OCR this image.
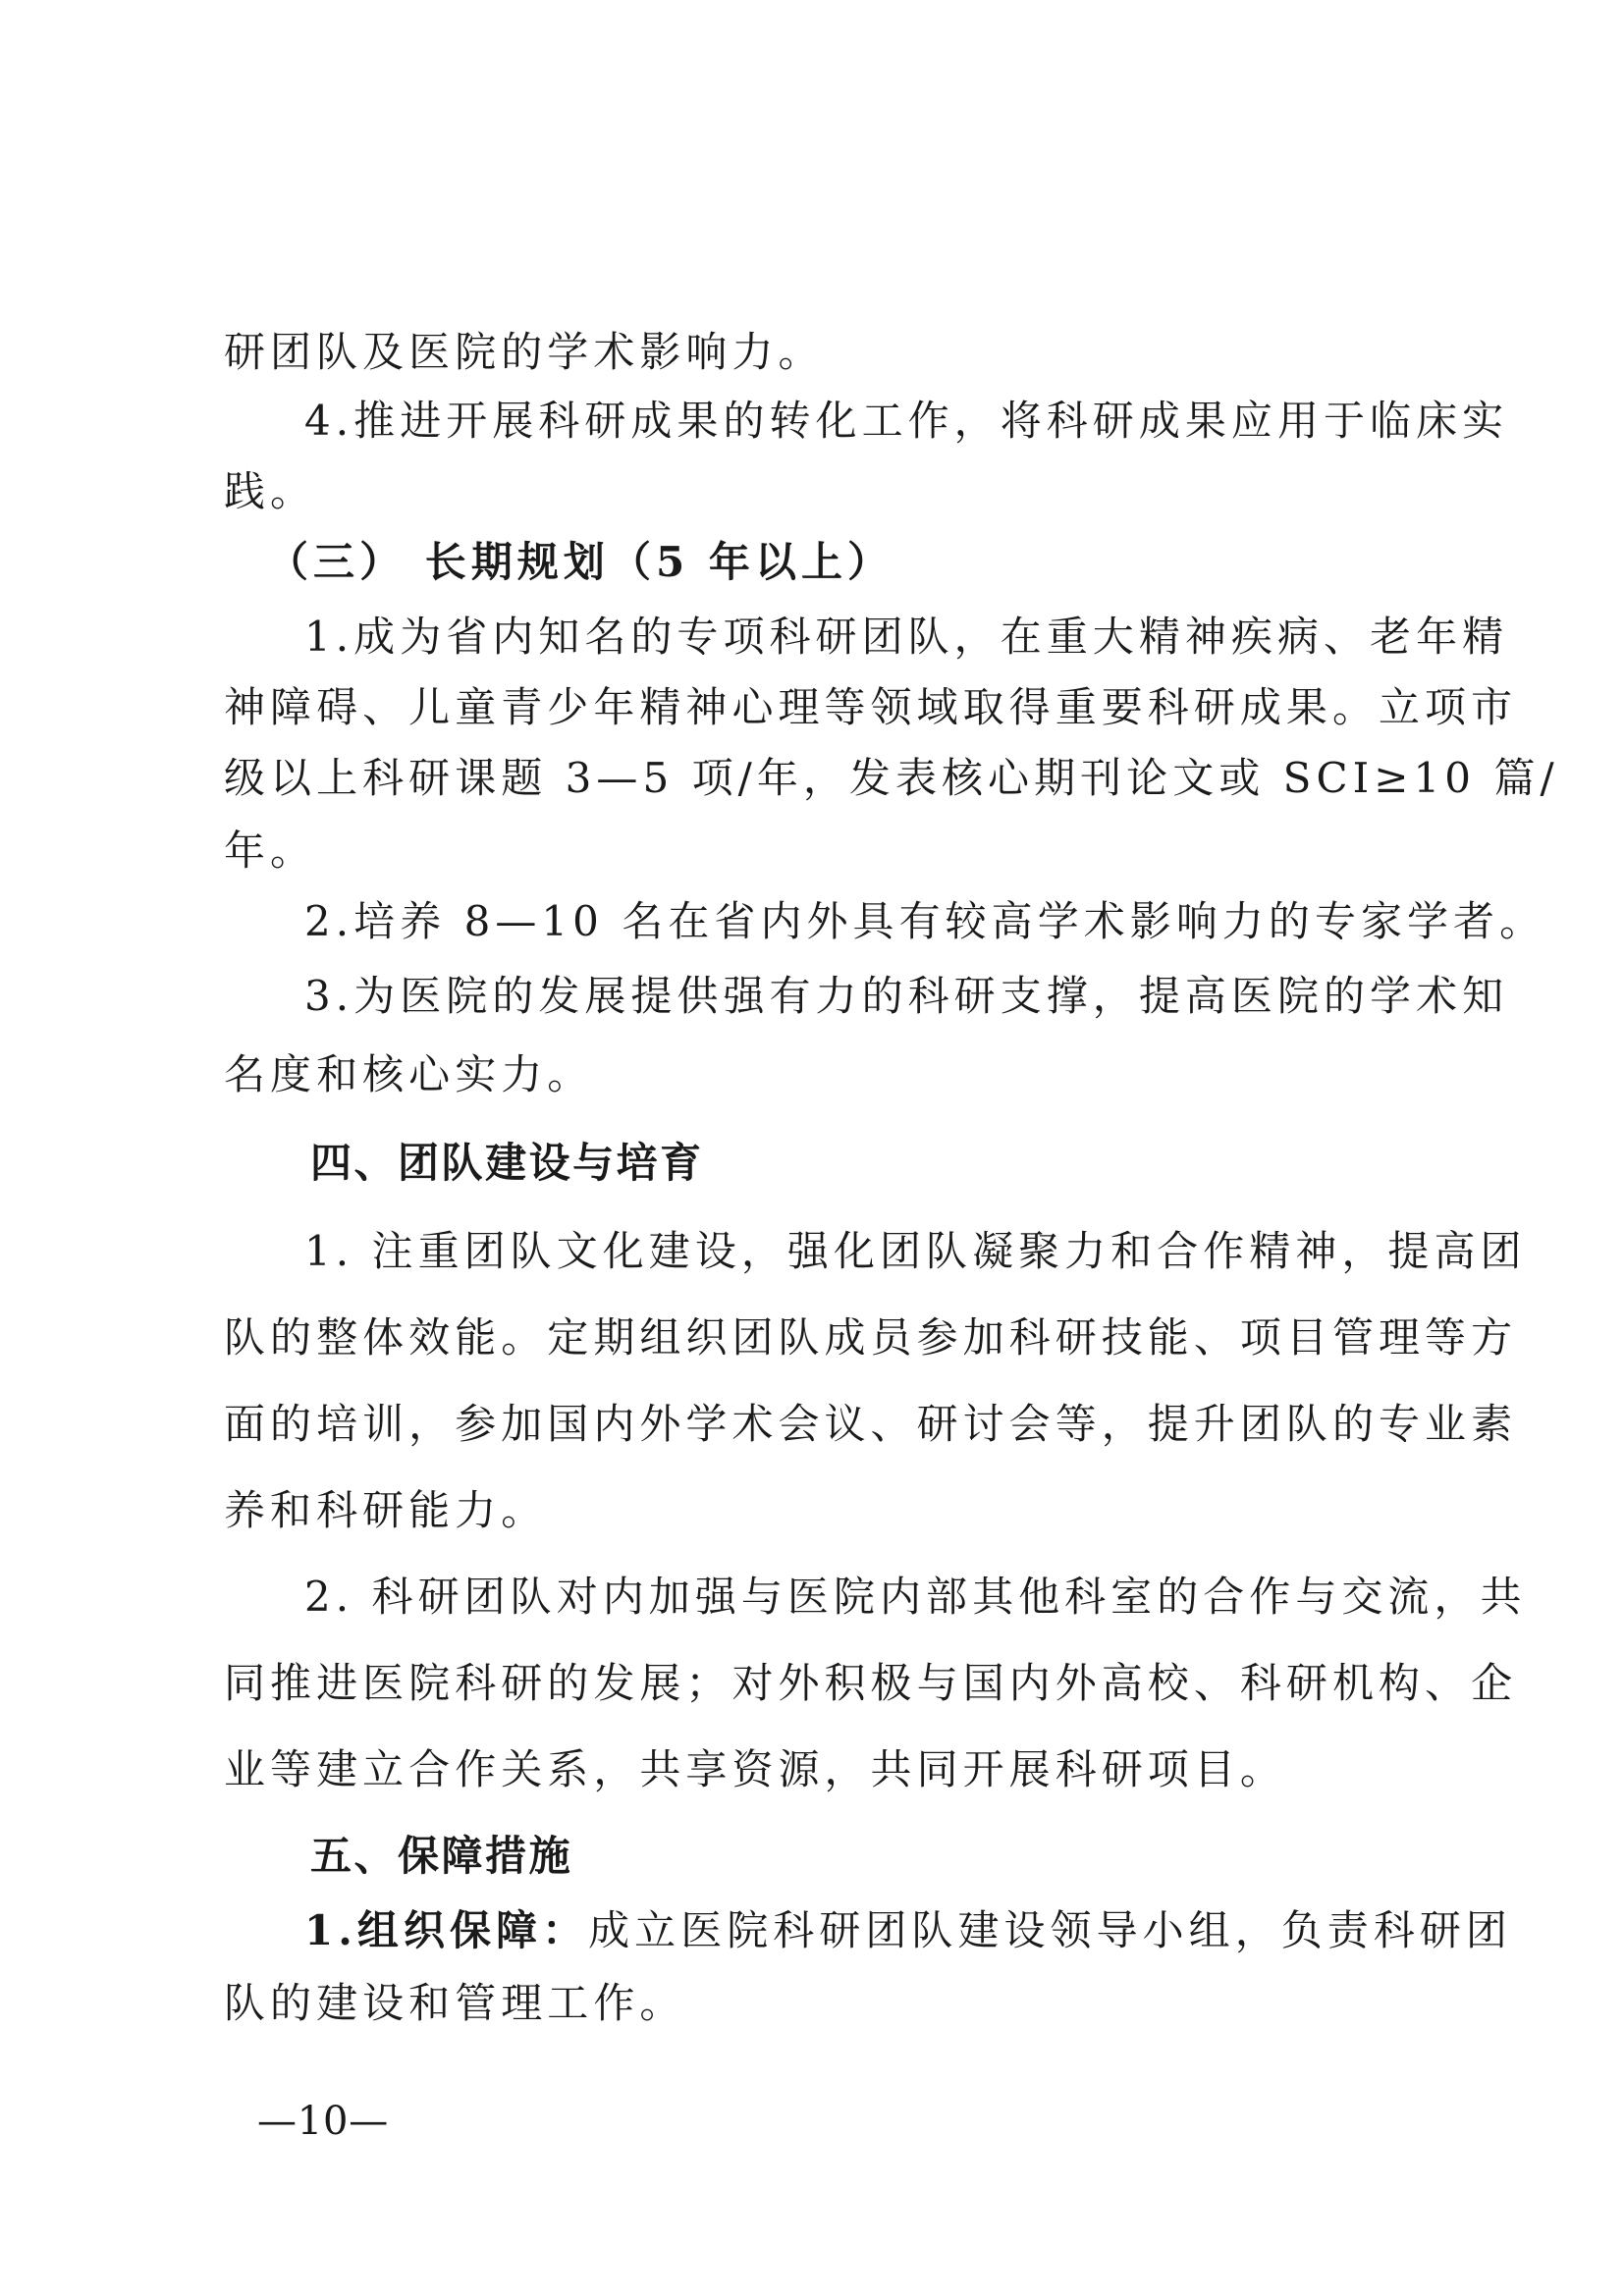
研团队及医院的学术影响力。
4.推进开展科研成果的转化工作，将科研成果应用于临床实
践。
（三） 长期规划（5 年以上）
1.成为省内知名的专项科研团队，在重大精神疾病、老年精
神障碍、儿童青少年精神心理等领域取得重要科研成果。立项市
级以上科研课题 3—5 项/年，发表核心期刊论文或 SCI≥10 篇/
年。
2.培养 8—10 名在省内外具有较高学术影响力的专家学者。
3.为医院的发展提供强有力的科研支撑，提高医院的学术知
名度和核心实力。
四、团队建设与培育
1. 注重团队文化建设，强化团队凝聚力和合作精神，提高团
队的整体效能。定期组织团队成员参加科研技能、项目管理等方
面的培训，参加国内外学术会议、研讨会等，提升团队的专业素
养和科研能力。
2. 科研团队对内加强与医院内部其他科室的合作与交流，共
同推进医院科研的发展；对外积极与国内外高校、科研机构、企
业等建立合作关系，共享资源，共同开展科研项目。
五、保障措施
1.组织保障：成立医院科研团队建设领导小组，负责科研团
队的建设和管理工作。
—10—
